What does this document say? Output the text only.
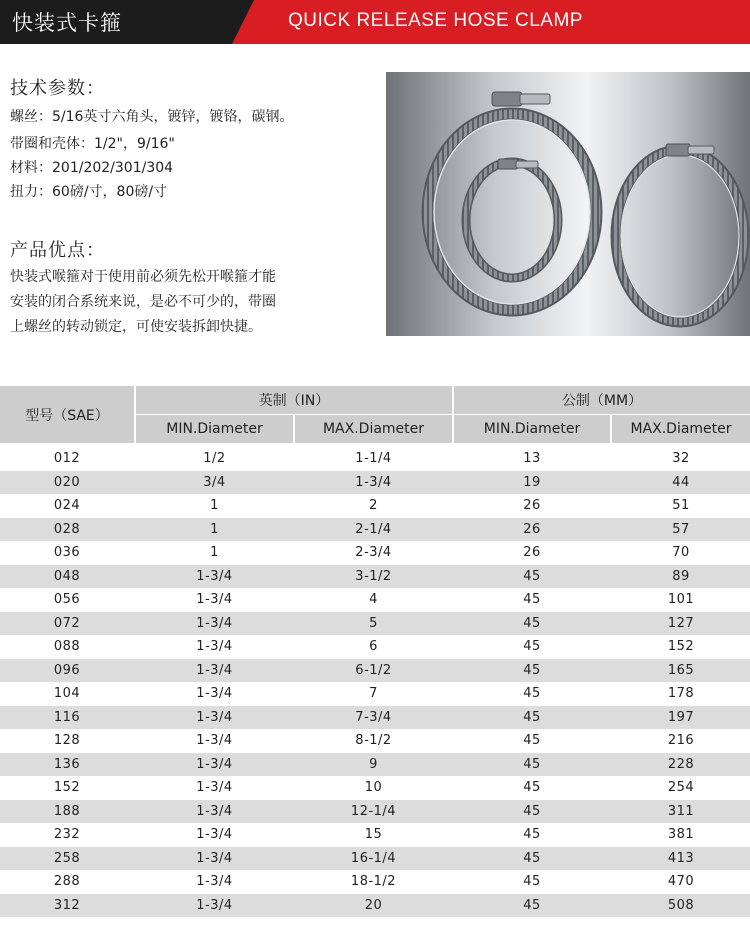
快装式卡箍	QUICK RELEASE HOSE CLAMP
技术参数：
螺丝：5/16英寸六角头，镀锌，镀铬，碳钢。
带圈和壳体：1/2"，9/16"
材料：201/202/301/304
扭力：60磅/寸，80磅/寸
产品优点：
快装式喉箍对于使用前必须先松开喉箍才能
安装的闭合系统来说，是必不可少的，带圈
上螺丝的转动锁定，可使安装拆卸快捷。
型号（SAE）
英制（IN）	公制（MM）
MIN.Diameter	MAX.Diameter	MIN.Diameter	MAX.Diameter
012	1/2	1-1/4	13	32
020	3/4	1-3/4	19	44
024	1	2	26	51
028	1	2-1/4	26	57
036	1	2-3/4	26	70
048	1-3/4	3-1/2	45	89
056	1-3/4	4	45	101
072	1-3/4	5	45	127
088	1-3/4	6	45	152
096	1-3/4	6-1/2	45	165
104	1-3/4	7	45	178
116	1-3/4	7-3/4	45	197
128	1-3/4	8-1/2	45	216
136	1-3/4	9	45	228
152	1-3/4	10	45	254
188	1-3/4	12-1/4	45	311
232	1-3/4	15	45	381
258	1-3/4	16-1/4	45	413
288	1-3/4	18-1/2	45	470
312	1-3/4	20	45	508
